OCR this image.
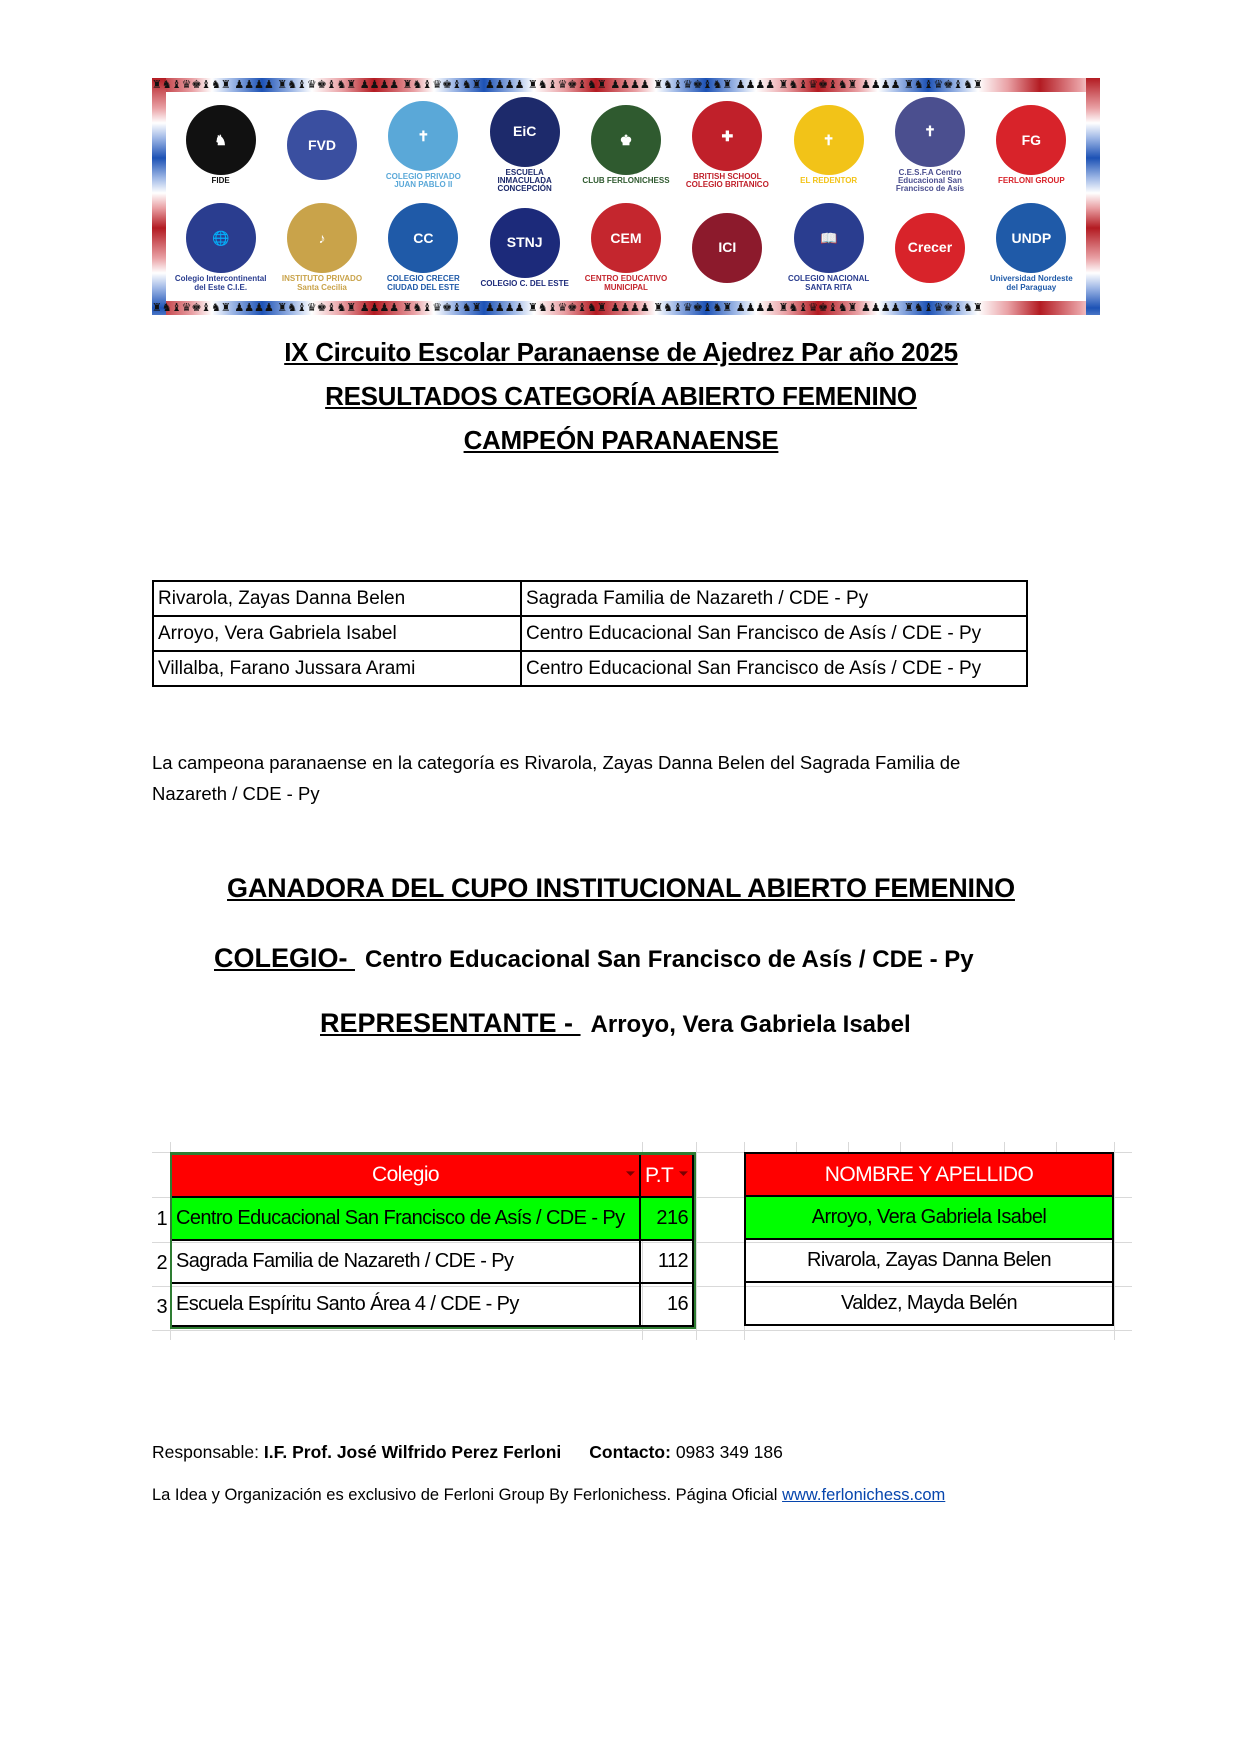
♜♞♝♛♚♝♞♜ ♟♟♟♟ ♜♞♝♛♚♝♞♜ ♟♟♟♟ ♜♞♝♛♚♝♞♜ ♟♟♟♟ ♜♞♝♛♚♝♞♜ ♟♟♟♟ ♜♞♝♛♚♝♞♜ ♟♟♟♟ ♜♞♝♛♚♝♞♜ ♟♟♟♟ ♜♞♝♛♚♝♞♜
♜♞♝♛♚♝♞♜ ♟♟♟♟ ♜♞♝♛♚♝♞♜ ♟♟♟♟ ♜♞♝♛♚♝♞♜ ♟♟♟♟ ♜♞♝♛♚♝♞♜ ♟♟♟♟ ♜♞♝♛♚♝♞♜ ♟♟♟♟ ♜♞♝♛♚♝♞♜ ♟♟♟♟ ♜♞♝♛♚♝♞♜
♞
FIDE
FVD
✝
COLEGIO PRIVADO JUAN PABLO II
EiC
ESCUELA INMACULADA CONCEPCIÓN
♚
CLUB FERLONICHESS
✚
BRITISH SCHOOL COLEGIO BRITANICO
✝
EL REDENTOR
✝
C.E.S.F.A Centro Educacional San Francisco de Asís
FG
FERLONI GROUP
🌐
Colegio Intercontinental del Este C.I.E.
♪
INSTITUTO PRIVADO Santa Cecilia
CC
COLEGIO CRECER CIUDAD DEL ESTE
STNJ
COLEGIO C. DEL ESTE
CEM
CENTRO EDUCATIVO MUNICIPAL
ICI
📖
COLEGIO NACIONAL SANTA RITA
Crecer
UNDP
Universidad Nordeste del Paraguay
IX Circuito Escolar Paranaense de Ajedrez Par año 2025
RESULTADOS CATEGORÍA ABIERTO FEMENINO
CAMPEÓN PARANAENSE
Rivarola, Zayas Danna Belen	Sagrada Familia de Nazareth / CDE - Py
Arroyo, Vera Gabriela Isabel	Centro Educacional San Francisco de Asís / CDE - Py
Villalba, Farano Jussara Arami	Centro Educacional San Francisco de Asís / CDE - Py
La campeona paranaense en la categoría es Rivarola, Zayas Danna Belen del Sagrada Familia de
Nazareth / CDE - Py
GANADORA DEL CUPO INSTITUCIONAL ABIERTO FEMENINO
COLEGIO- Centro Educacional San Francisco de Asís / CDE - Py
REPRESENTANTE - Arroyo, Vera Gabriela Isabel
1
2
3
Colegio ⏷	P.T ⏷

Centro Educacional San Francisco de Asís / CDE - Py	216
Sagrada Familia de Nazareth / CDE - Py	112
Escuela Espíritu Santo Área 4 / CDE - Py	16
NOMBRE Y APELLIDO
Arroyo, Vera Gabriela Isabel
Rivarola, Zayas Danna Belen
Valdez, Mayda Belén
Responsable: I.F. Prof. José Wilfrido Perez Ferloni Contacto: 0983 349 186
La Idea y Organización es exclusivo de Ferloni Group By Ferlonichess. Página Oficial www.ferlonichess.com
